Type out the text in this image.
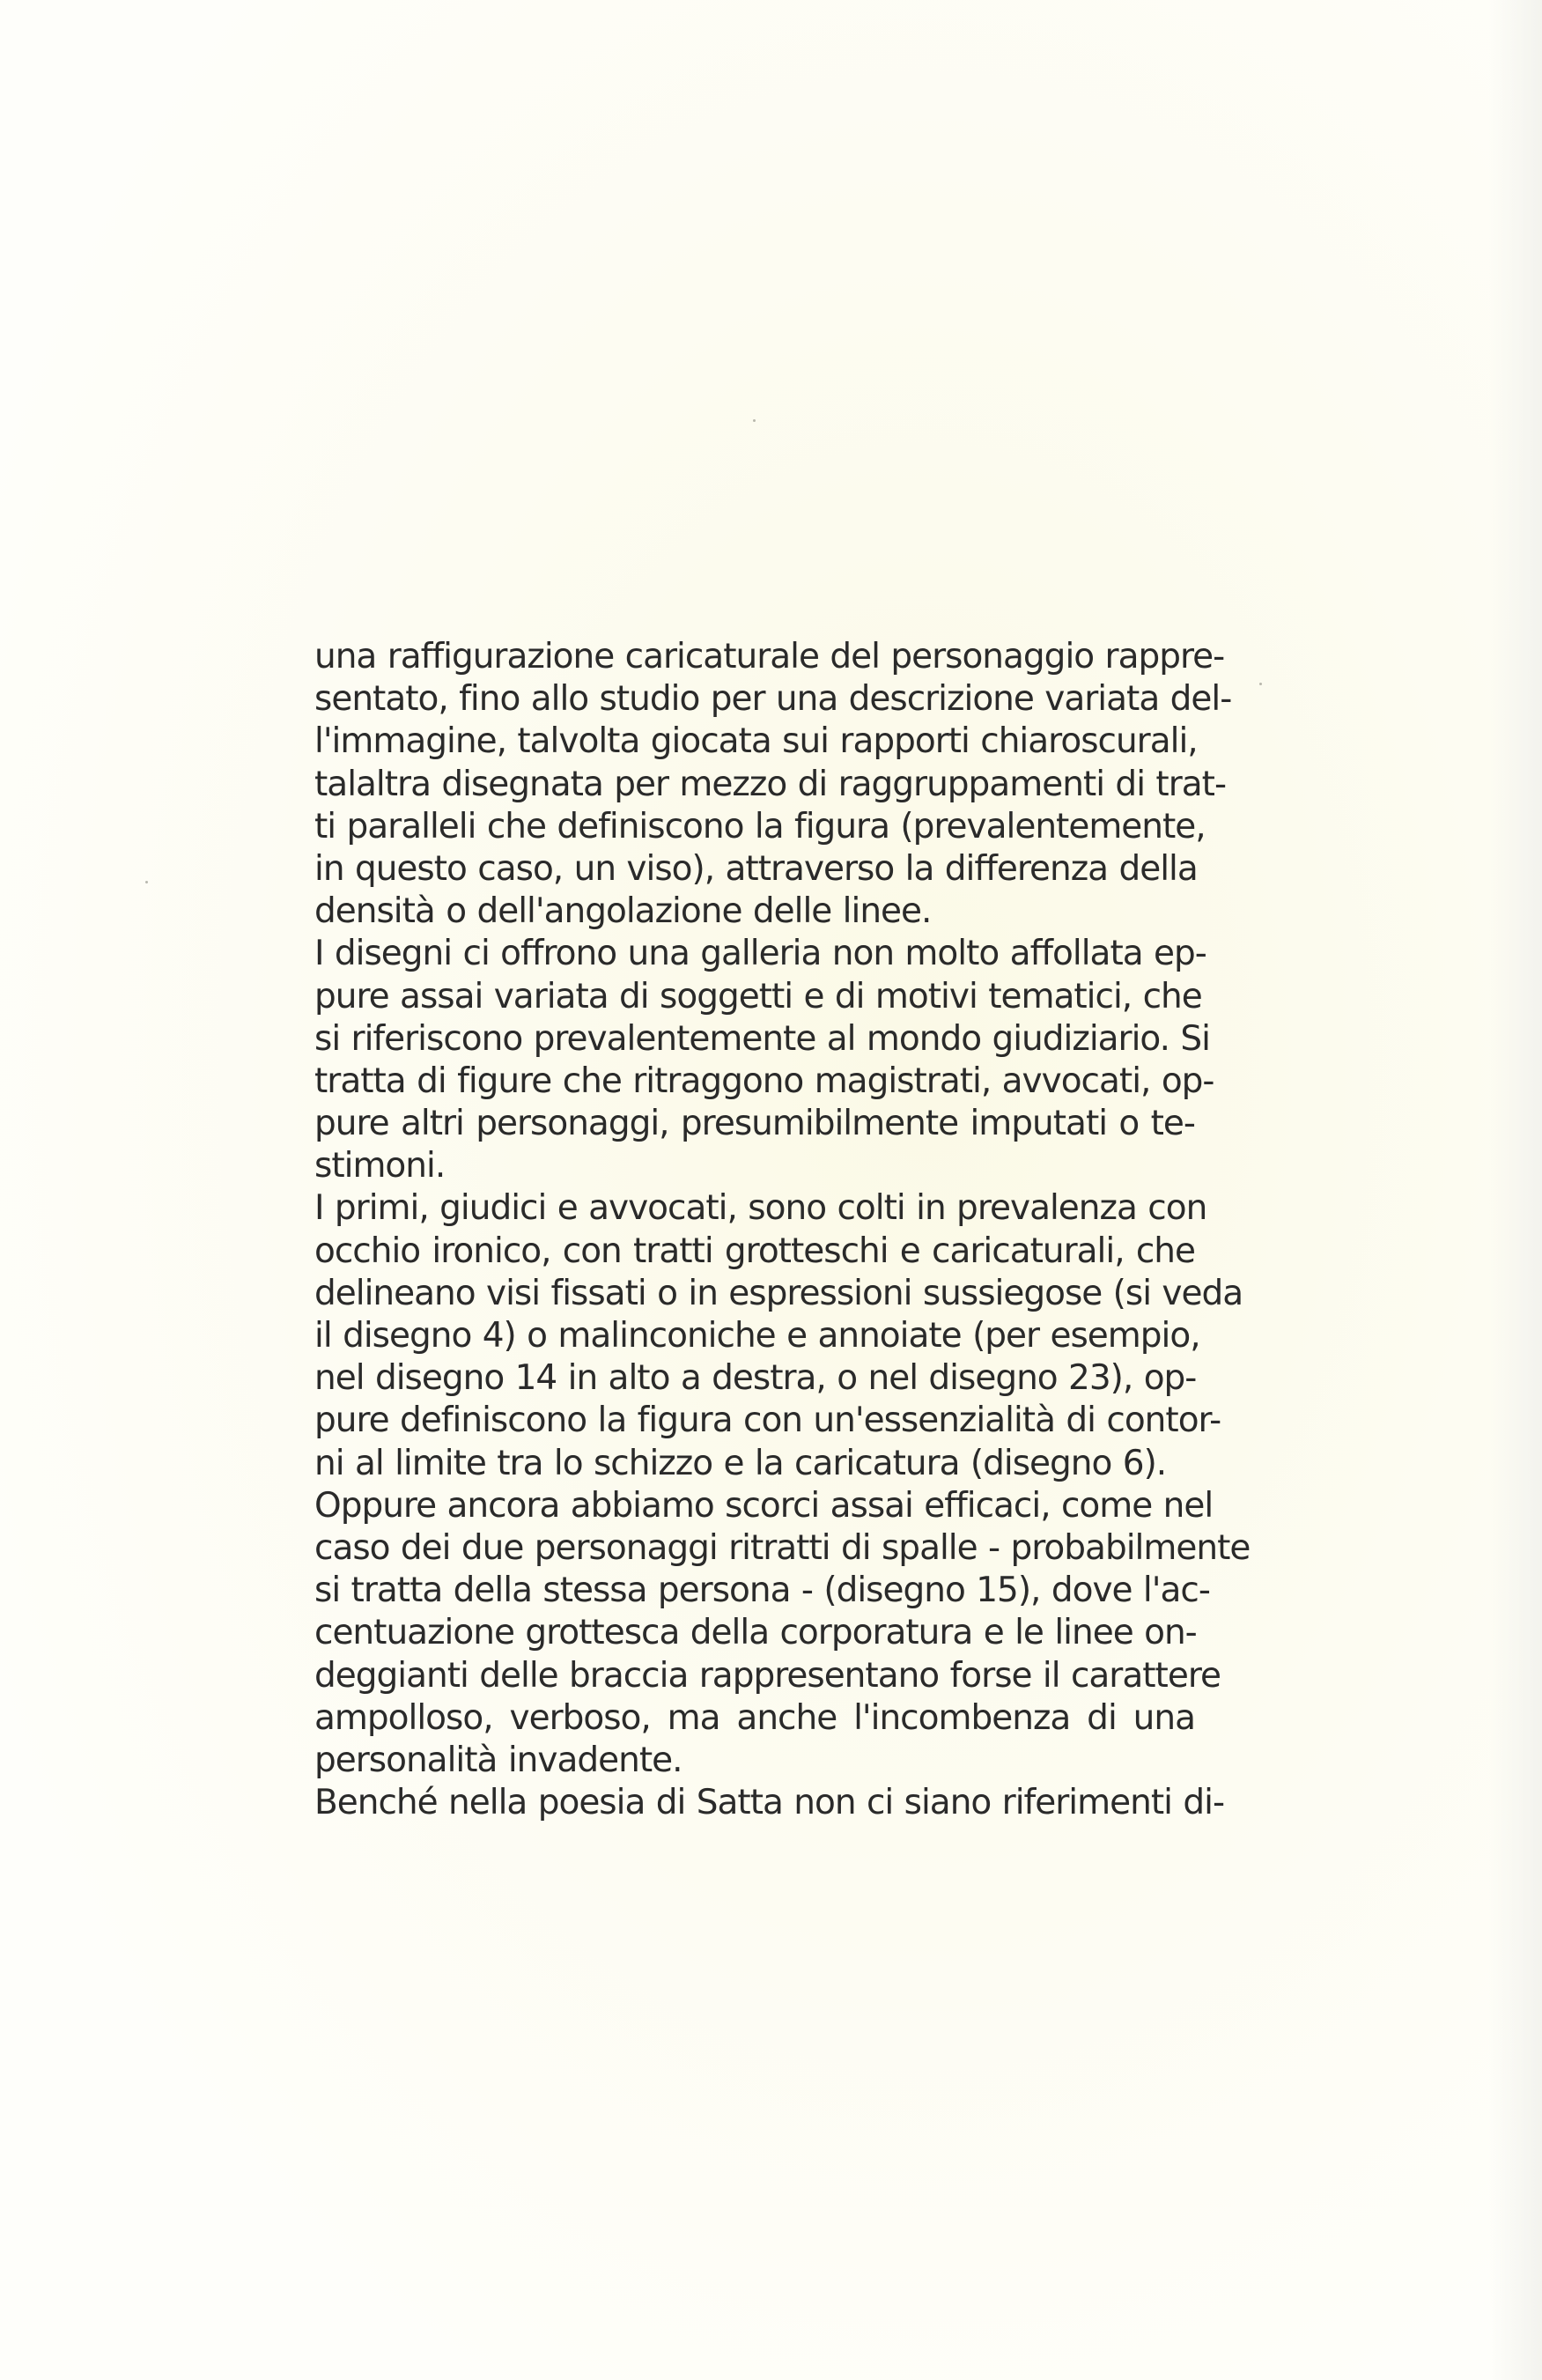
una raffigurazione caricaturale del personaggio rappre-
sentato, fino allo studio per una descrizione variata del-
l'immagine, talvolta giocata sui rapporti chiaroscurali,
talaltra disegnata per mezzo di raggruppamenti di trat-
ti paralleli che definiscono la figura (prevalentemente,
in questo caso, un viso), attraverso la differenza della
densità o dell'angolazione delle linee.
I disegni ci offrono una galleria non molto affollata ep-
pure assai variata di soggetti e di motivi tematici, che
si riferiscono prevalentemente al mondo giudiziario. Si
tratta di figure che ritraggono magistrati, avvocati, op-
pure altri personaggi, presumibilmente imputati o te-
stimoni.
I primi, giudici e avvocati, sono colti in prevalenza con
occhio ironico, con tratti grotteschi e caricaturali, che
delineano visi fissati o in espressioni sussiegose (si veda
il disegno 4) o malinconiche e annoiate (per esempio,
nel disegno 14 in alto a destra, o nel disegno 23), op-
pure definiscono la figura con un'essenzialità di contor-
ni al limite tra lo schizzo e la caricatura (disegno 6).
Oppure ancora abbiamo scorci assai efficaci, come nel
caso dei due personaggi ritratti di spalle - probabilmente
si tratta della stessa persona - (disegno 15), dove l'ac-
centuazione grottesca della corporatura e le linee on-
deggianti delle braccia rappresentano forse il carattere
ampolloso, verboso, ma anche l'incombenza di una
personalità invadente.
Benché nella poesia di Satta non ci siano riferimenti di-
